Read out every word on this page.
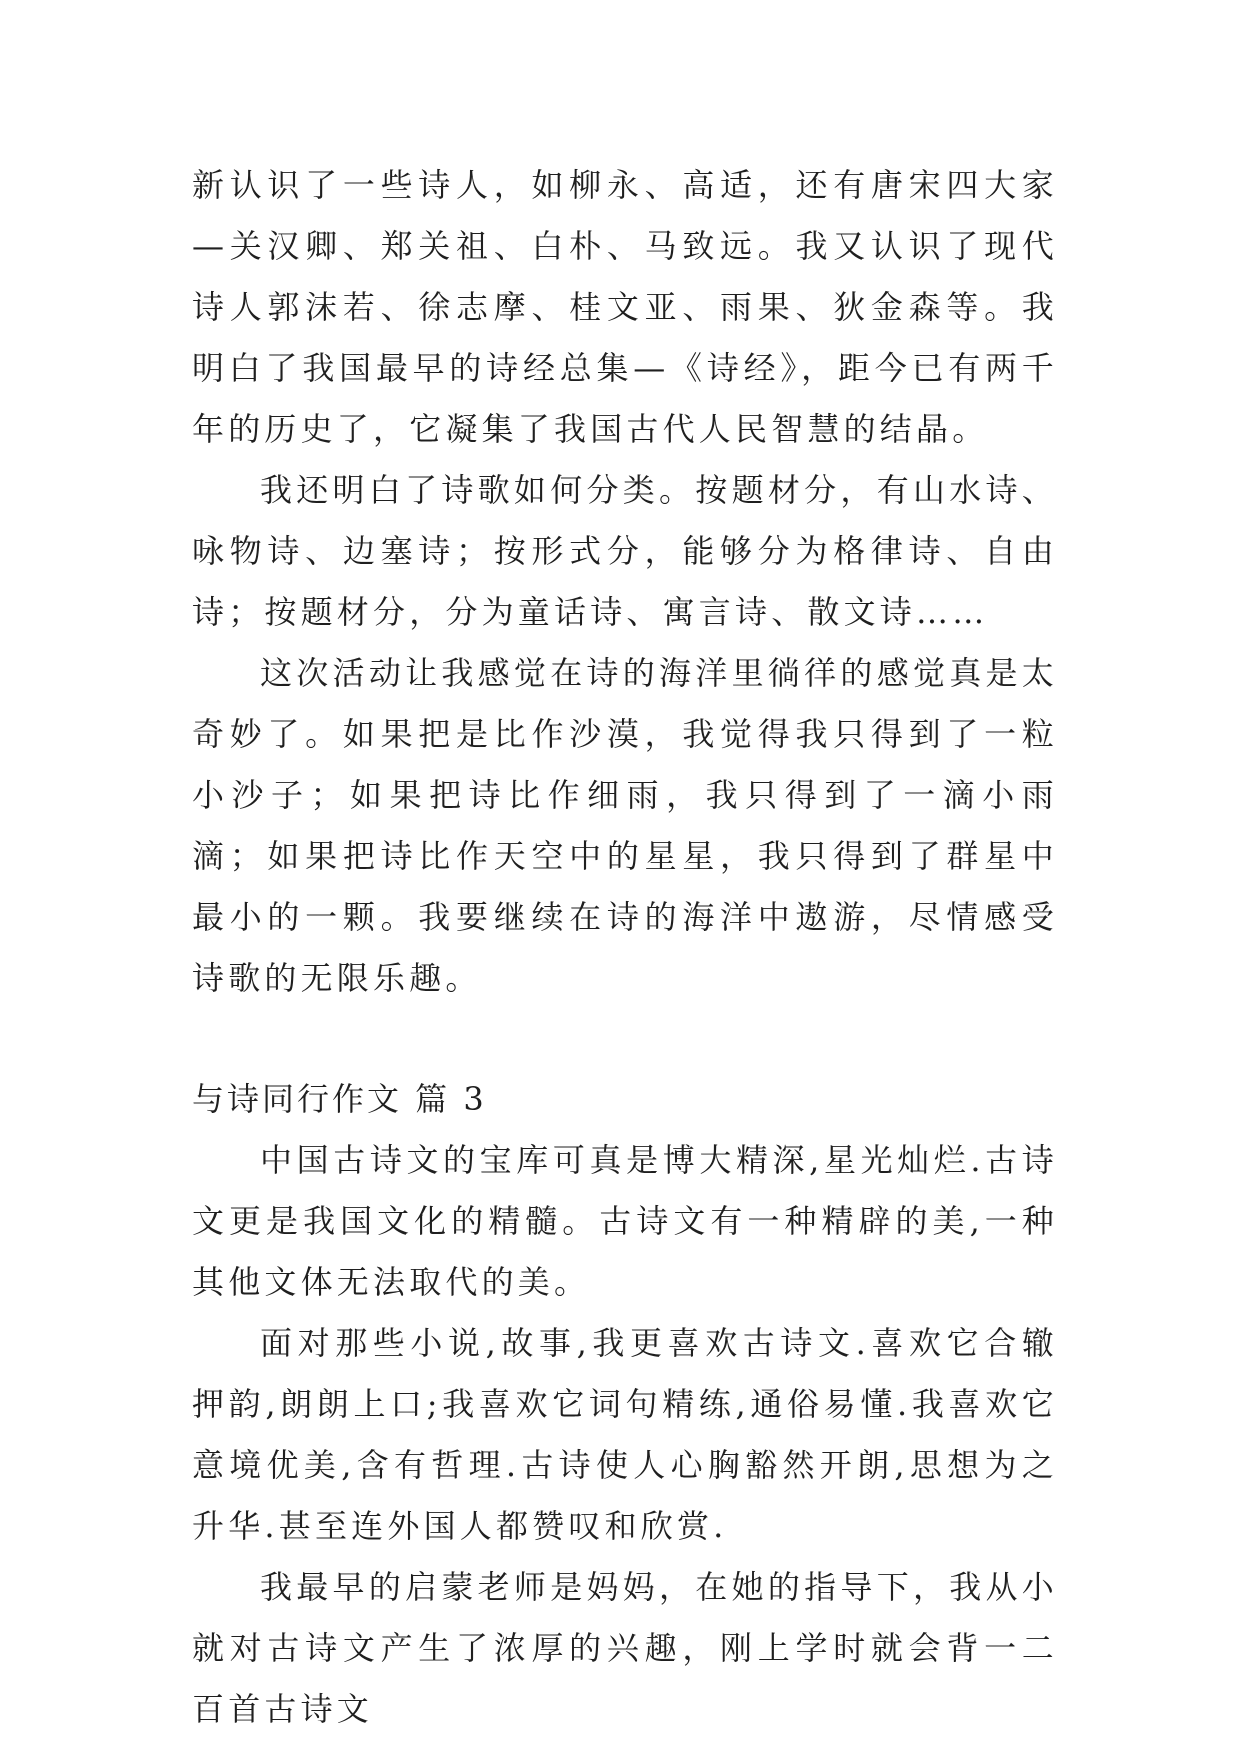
新认识了一些诗人，如柳永、高适，还有唐宋四大家—关汉卿、郑关祖、白朴、马致远。我又认识了现代诗人郭沫若、徐志摩、桂文亚、雨果、狄金森等。我明白了我国最早的诗经总集—《诗经》，距今已有两千年的历史了，它凝集了我国古代人民智慧的结晶。

我还明白了诗歌如何分类。按题材分，有山水诗、咏物诗、边塞诗；按形式分，能够分为格律诗、自由诗；按题材分，分为童话诗、寓言诗、散文诗……

这次活动让我感觉在诗的海洋里徜徉的感觉真是太奇妙了。如果把是比作沙漠，我觉得我只得到了一粒小沙子；如果把诗比作细雨，我只得到了一滴小雨滴；如果把诗比作天空中的星星，我只得到了群星中最小的一颗。我要继续在诗的海洋中遨游，尽情感受诗歌的无限乐趣。

与诗同行作文 篇 3

中国古诗文的宝库可真是博大精深,星光灿烂.古诗文更是我国文化的精髓。古诗文有一种精辟的美,一种其他文体无法取代的美。

面对那些小说,故事,我更喜欢古诗文.喜欢它合辙押韵,朗朗上口;我喜欢它词句精练,通俗易懂.我喜欢它意境优美,含有哲理.古诗使人心胸豁然开朗,思想为之升华.甚至连外国人都赞叹和欣赏.

我最早的启蒙老师是妈妈，在她的指导下，我从小就对古诗文产生了浓厚的兴趣，刚上学时就会背一二百首古诗文
